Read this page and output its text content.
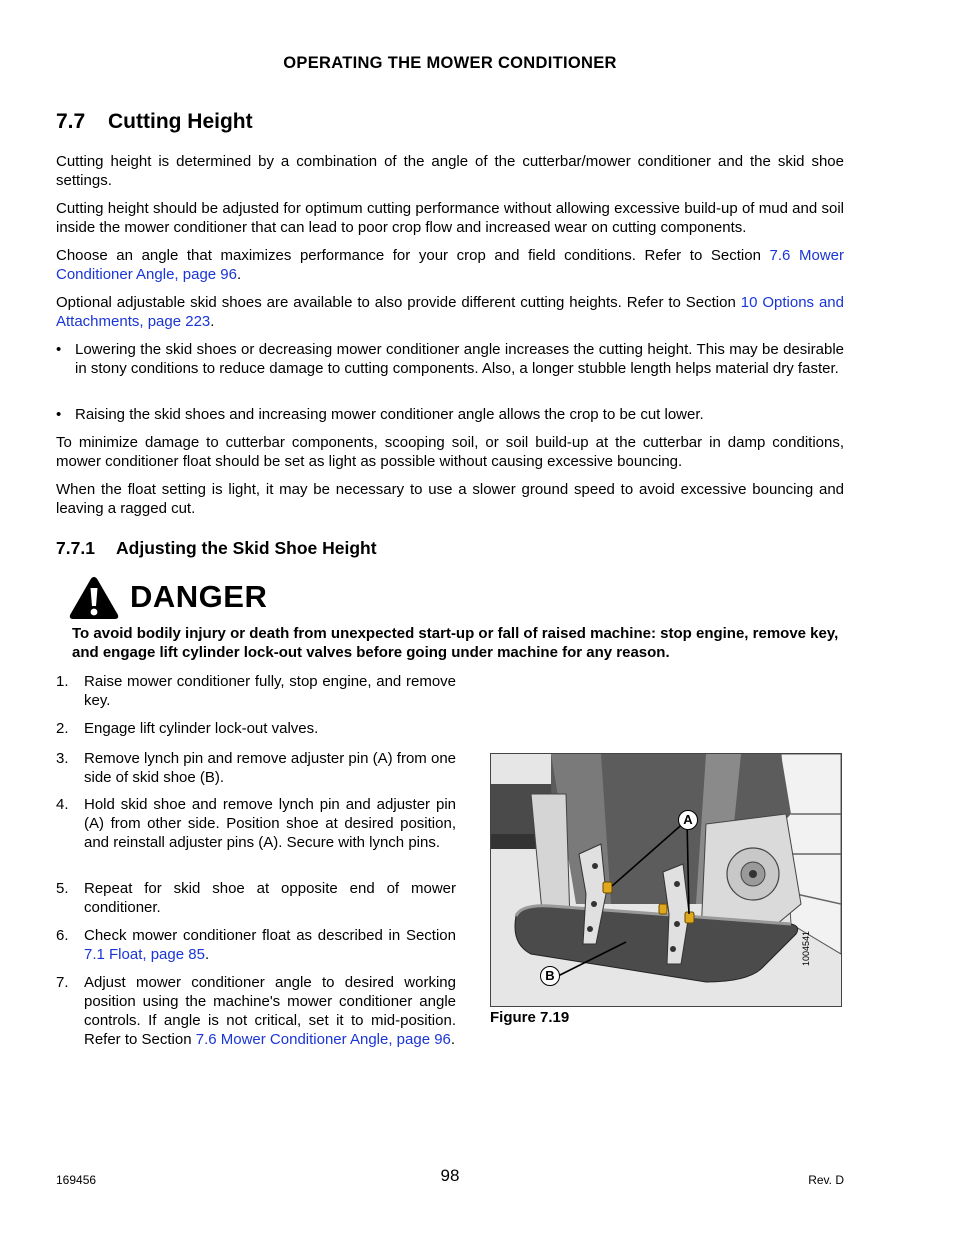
OPERATING THE MOWER CONDITIONER
7.7 Cutting Height

Cutting height is determined by a combination of the angle of the cutterbar/mower conditioner and the skid shoe settings.

Cutting height should be adjusted for optimum cutting performance without allowing excessive build-up of mud and soil inside the mower conditioner that can lead to poor crop flow and increased wear on cutting components.

Choose an angle that maximizes performance for your crop and field conditions. Refer to Section 7.6 Mower Conditioner Angle, page 96.

Optional adjustable skid shoes are available to also provide different cutting heights. Refer to Section 10 Options and Attachments, page 223.

• Lowering the skid shoes or decreasing mower conditioner angle increases the cutting height. This may be desirable in stony conditions to reduce damage to cutting components. Also, a longer stubble length helps material dry faster.
• Raising the skid shoes and increasing mower conditioner angle allows the crop to be cut lower.

To minimize damage to cutterbar components, scooping soil, or soil build-up at the cutterbar in damp conditions, mower conditioner float should be set as light as possible without causing excessive bouncing.

When the float setting is light, it may be necessary to use a slower ground speed to avoid excessive bouncing and leaving a ragged cut.

7.7.1 Adjusting the Skid Shoe Height
DANGER
To avoid bodily injury or death from unexpected start-up or fall of raised machine: stop engine, remove key, and engage lift cylinder lock-out valves before going under machine for any reason.
1. Raise mower conditioner fully, stop engine, and remove key.
2. Engage lift cylinder lock-out valves.
3. Remove lynch pin and remove adjuster pin (A) from one side of skid shoe (B).
4. Hold skid shoe and remove lynch pin and adjuster pin (A) from other side. Position shoe at desired position, and reinstall adjuster pins (A). Secure with lynch pins.
5. Repeat for skid shoe at opposite end of mower conditioner.
6. Check mower conditioner float as described in Section 7.1 Float, page 85.
7. Adjust mower conditioner angle to desired working position using the machine's mower conditioner angle controls. If angle is not critical, set it to mid-position. Refer to Section 7.6 Mower Conditioner Angle, page 96.
A
B
1004541
Figure 7.19
169456	98	Rev. D
